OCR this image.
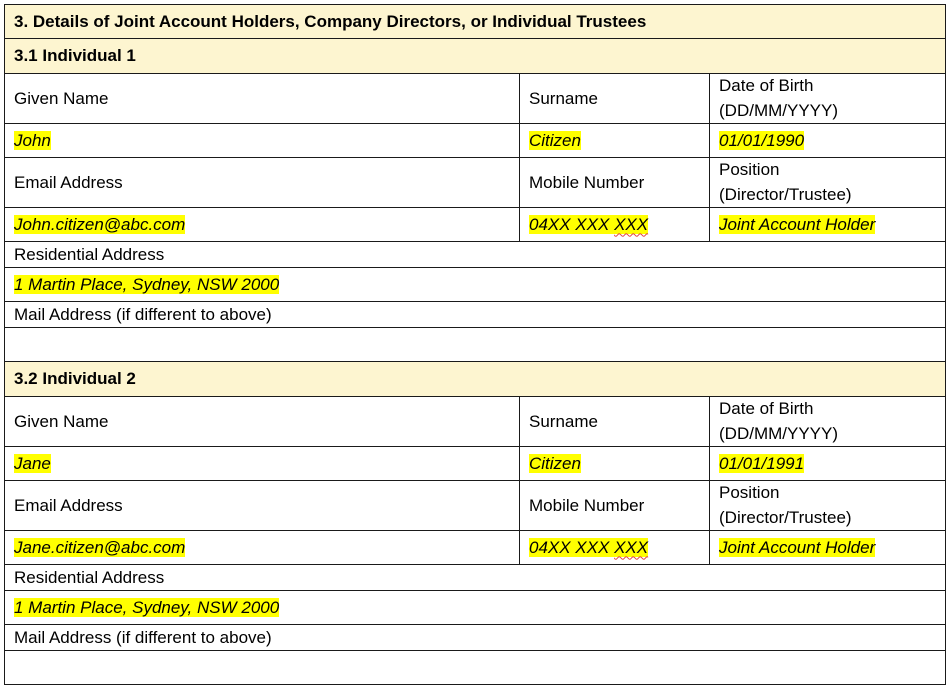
3. Details of Joint Account Holders, Company Directors, or Individual Trustees		
3.1 Individual 1		
Given Name	Surname	Date of Birth
(DD/MM/YYYY)
John	Citizen	01/01/1990
Email Address	Mobile Number	Position
(Director/Trustee)
John.citizen@abc.com	04XX XXX XXX	Joint Account Holder
Residential Address		
1 Martin Place, Sydney, NSW 2000		
Mail Address (if different to above)		

3.2 Individual 2		
Given Name	Surname	Date of Birth
(DD/MM/YYYY)
Jane	Citizen	01/01/1991
Email Address	Mobile Number	Position
(Director/Trustee)
Jane.citizen@abc.com	04XX XXX XXX	Joint Account Holder
Residential Address		
1 Martin Place, Sydney, NSW 2000		
Mail Address (if different to above)		
